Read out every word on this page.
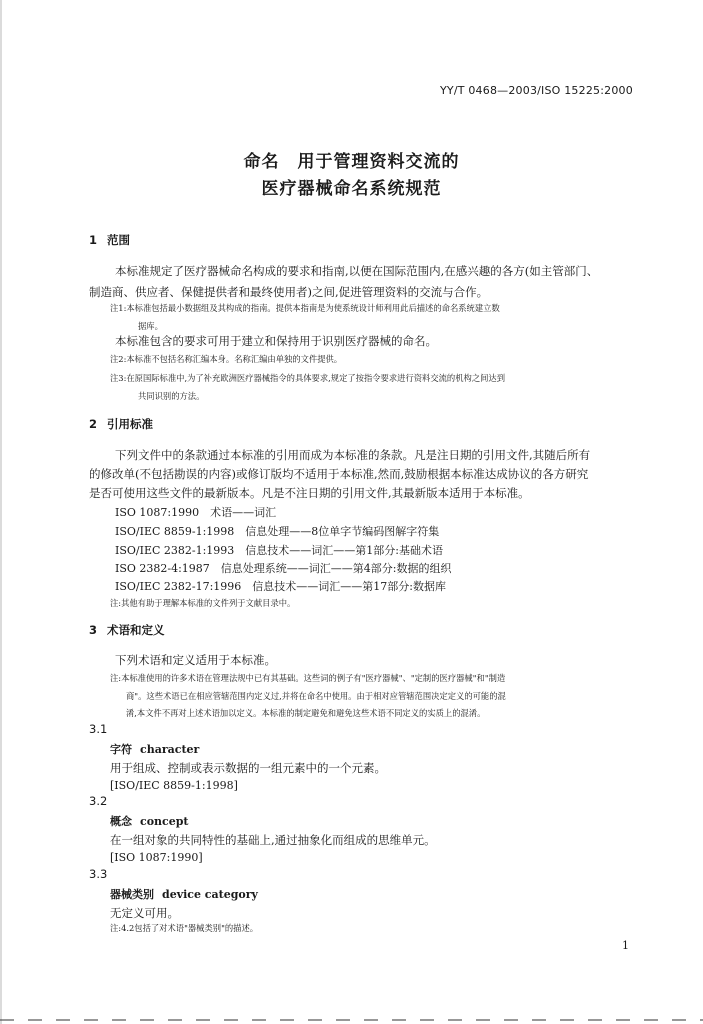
YY/T 0468—2003/ISO 15225:2000
命名　用于管理资料交流的
医疗器械命名系统规范
1 范围
本标准规定了医疗器械命名构成的要求和指南,以便在国际范围内,在感兴趣的各方(如主管部门、
制造商、供应者、保健提供者和最终使用者)之间,促进管理资料的交流与合作。
注1:本标准包括最小数据组及其构成的指南。提供本指南是为使系统设计师利用此后描述的命名系统建立数
据库。
本标准包含的要求可用于建立和保持用于识别医疗器械的命名。
注2:本标准不包括名称汇编本身。名称汇编由单独的文件提供。
注3:在原国际标准中,为了补充欧洲医疗器械指令的具体要求,规定了按指令要求进行资料交流的机构之间达到
共同识别的方法。
2 引用标准
下列文件中的条款通过本标准的引用而成为本标准的条款。凡是注日期的引用文件,其随后所有
的修改单(不包括勘误的内容)或修订版均不适用于本标准,然而,鼓励根据本标准达成协议的各方研究
是否可使用这些文件的最新版本。凡是不注日期的引用文件,其最新版本适用于本标准。
ISO 1087:1990　术语——词汇
ISO/IEC 8859-1:1998　信息处理——8位单字节编码图解字符集
ISO/IEC 2382-1:1993　信息技术——词汇——第1部分:基础术语
ISO 2382-4:1987　信息处理系统——词汇——第4部分:数据的组织
ISO/IEC 2382-17:1996　信息技术——词汇——第17部分:数据库
注:其他有助于理解本标准的文件列于文献目录中。
3 术语和定义
下列术语和定义适用于本标准。
注:本标准使用的许多术语在管理法规中已有其基础。这些词的例子有"医疗器械"、"定制的医疗器械"和"制造
商"。这些术语已在相应管辖范围内定义过,并将在命名中使用。由于相对应管辖范围决定定义的可能的混
淆,本文件不再对上述术语加以定义。本标准的制定避免和避免这些术语不同定义的实质上的混淆。
3.1
字符 character
用于组成、控制或表示数据的一组元素中的一个元素。
[ISO/IEC 8859-1:1998]
3.2
概念 concept
在一组对象的共同特性的基础上,通过抽象化而组成的思维单元。
[ISO 1087:1990]
3.3
器械类别 device category
无定义可用。
注:4.2包括了对术语"器械类别"的描述。
1
